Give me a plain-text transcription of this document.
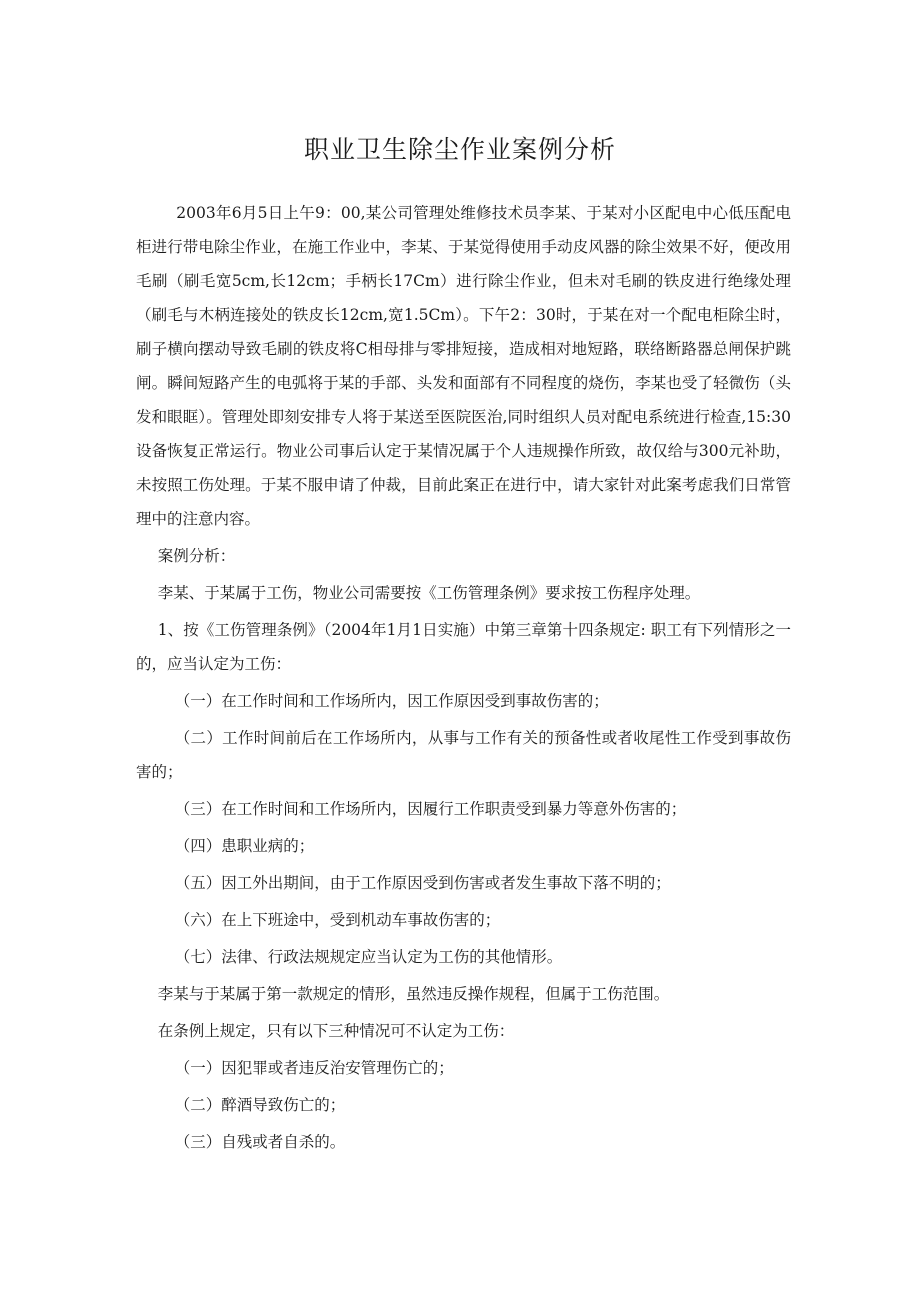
职业卫生除尘作业案例分析

2003年6月5日上午9：00,某公司管理处维修技术员李某、于某对小区配电中心低压配电柜进行带电除尘作业，在施工作业中，李某、于某觉得使用手动皮风器的除尘效果不好，便改用毛刷（刷毛宽5cm,长12cm；手柄长17Cm）进行除尘作业，但未对毛刷的铁皮进行绝缘处理（刷毛与木柄连接处的铁皮长12cm,宽1.5Cm）。下午2：30时，于某在对一个配电柜除尘时，刷子横向摆动导致毛刷的铁皮将C相母排与零排短接，造成相对地短路，联络断路器总闸保护跳闸。瞬间短路产生的电弧将于某的手部、头发和面部有不同程度的烧伤，李某也受了轻微伤（头发和眼眶）。管理处即刻安排专人将于某送至医院医治,同时组织人员对配电系统进行检查,15:30设备恢复正常运行。物业公司事后认定于某情况属于个人违规操作所致，故仅给与300元补助，未按照工伤处理。于某不服申请了仲裁，目前此案正在进行中，请大家针对此案考虑我们日常管理中的注意内容。

案例分析：

李某、于某属于工伤，物业公司需要按《工伤管理条例》要求按工伤程序处理。

1、按《工伤管理条例》（2004年1月1日实施）中第三章第十四条规定: 职工有下列情形之一的，应当认定为工伤：

（一）在工作时间和工作场所内，因工作原因受到事故伤害的；

（二）工作时间前后在工作场所内，从事与工作有关的预备性或者收尾性工作受到事故伤害的；

（三）在工作时间和工作场所内，因履行工作职责受到暴力等意外伤害的；

（四）患职业病的；

（五）因工外出期间，由于工作原因受到伤害或者发生事故下落不明的；

（六）在上下班途中，受到机动车事故伤害的；

（七）法律、行政法规规定应当认定为工伤的其他情形。

李某与于某属于第一款规定的情形，虽然违反操作规程，但属于工伤范围。

在条例上规定，只有以下三种情况可不认定为工伤：

（一）因犯罪或者违反治安管理伤亡的；

（二）醉酒导致伤亡的；

（三）自残或者自杀的。
